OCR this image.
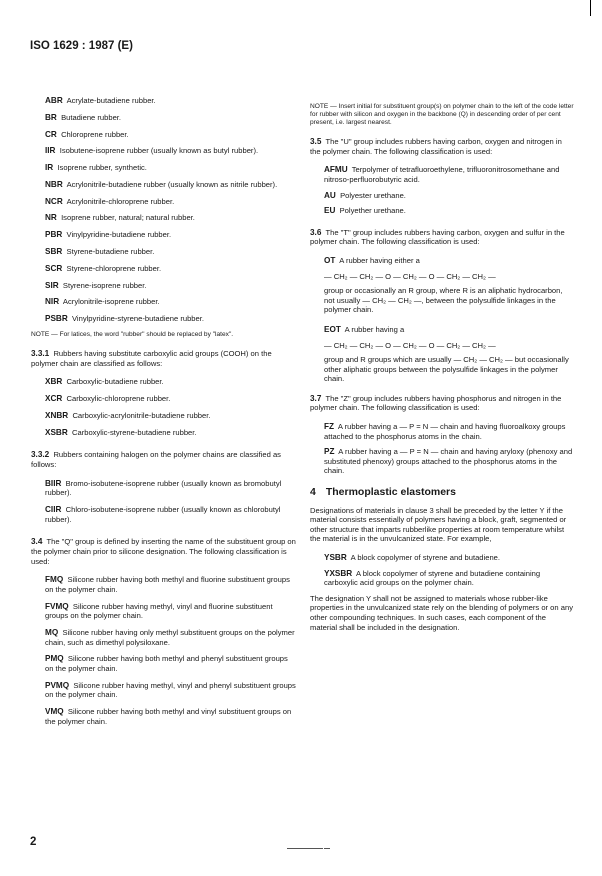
ISO 1629 : 1987 (E)

ABR Acrylate-butadiene rubber.

BR Butadiene rubber.

CR Chloroprene rubber.

IIR Isobutene-isoprene rubber (usually known as butyl rubber).

IR Isoprene rubber, synthetic.

NBR Acrylonitrile-butadiene rubber (usually known as nitrile rubber).

NCR Acrylonitrile-chloroprene rubber.

NR Isoprene rubber, natural; natural rubber.

PBR Vinylpyridine-butadiene rubber.

SBR Styrene-butadiene rubber.

SCR Styrene-chloroprene rubber.

SIR Styrene-isoprene rubber.

NIR Acrylonitrile-isoprene rubber.

PSBR Vinylpyridine-styrene-butadiene rubber.

NOTE — For latices, the word "rubber" should be replaced by "latex".

3.3.1 Rubbers having substitute carboxylic acid groups (COOH) on the polymer chain are classified as follows:

XBR Carboxylic-butadiene rubber.

XCR Carboxylic-chloroprene rubber.

XNBR Carboxylic-acrylonitrile-butadiene rubber.

XSBR Carboxylic-styrene-butadiene rubber.

3.3.2 Rubbers containing halogen on the polymer chains are classified as follows:

BIIR Bromo-isobutene-isoprene rubber (usually known as bromobutyl rubber).

CIIR Chloro-isobutene-isoprene rubber (usually known as chlorobutyl rubber).

3.4 The "Q" group is defined by inserting the name of the substituent group on the polymer chain prior to silicone designation. The following classification is used:

FMQ Silicone rubber having both methyl and fluorine substituent groups on the polymer chain.

FVMQ Silicone rubber having methyl, vinyl and fluorine substituent groups on the polymer chain.

MQ Silicone rubber having only methyl substituent groups on the polymer chain, such as dimethyl polysiloxane.

PMQ Silicone rubber having both methyl and phenyl substituent groups on the polymer chain.

PVMQ Silicone rubber having methyl, vinyl and phenyl substituent groups on the polymer chain.

VMQ Silicone rubber having both methyl and vinyl substituent groups on the polymer chain.

NOTE — Insert initial for substituent group(s) on polymer chain to the left of the code letter for rubber with silicon and oxygen in the backbone (Q) in descending order of per cent present, i.e. largest nearest.

3.5 The "U" group includes rubbers having carbon, oxygen and nitrogen in the polymer chain. The following classification is used:

AFMU Terpolymer of tetrafluoroethylene, trifluoronitrosomethane and nitroso-perfluorobutyric acid.

AU Polyester urethane.

EU Polyether urethane.

3.6 The "T" group includes rubbers having carbon, oxygen and sulfur in the polymer chain. The following classification is used:

OT A rubber having either a

— CH₂ — CH₂ — O — CH₂ — O — CH₂ — CH₂ —

group or occasionally an R group, where R is an aliphatic hydrocarbon, not usually — CH₂ — CH₂ —, between the polysulfide linkages in the polymer chain.

EOT A rubber having a

— CH₂ — CH₂ — O — CH₂ — O — CH₂ — CH₂ —

group and R groups which are usually — CH₂ — CH₂ — but occasionally other aliphatic groups between the polysulfide linkages in the polymer chain.

3.7 The "Z" group includes rubbers having phosphorus and nitrogen in the polymer chain. The following classification is used:

FZ A rubber having a — P = N — chain and having fluoroalkoxy groups attached to the phosphorus atoms in the chain.

PZ A rubber having a — P = N — chain and having aryloxy (phenoxy and substituted phenoxy) groups attached to the phosphorus atoms in the chain.

4 Thermoplastic elastomers

Designations of materials in clause 3 shall be preceded by the letter Y if the material consists essentially of polymers having a block, graft, segmented or other structure that imparts rubberlike properties at room temperature whilst the material is in the unvulcanized state. For example,

YSBR A block copolymer of styrene and butadiene.

YXSBR A block copolymer of styrene and butadiene containing carboxylic acid groups on the polymer chain.

The designation Y shall not be assigned to materials whose rubber-like properties in the unvulcanized state rely on the blending of polymers or on any other compounding techniques. In such cases, each component of the material shall be included in the designation.

2
